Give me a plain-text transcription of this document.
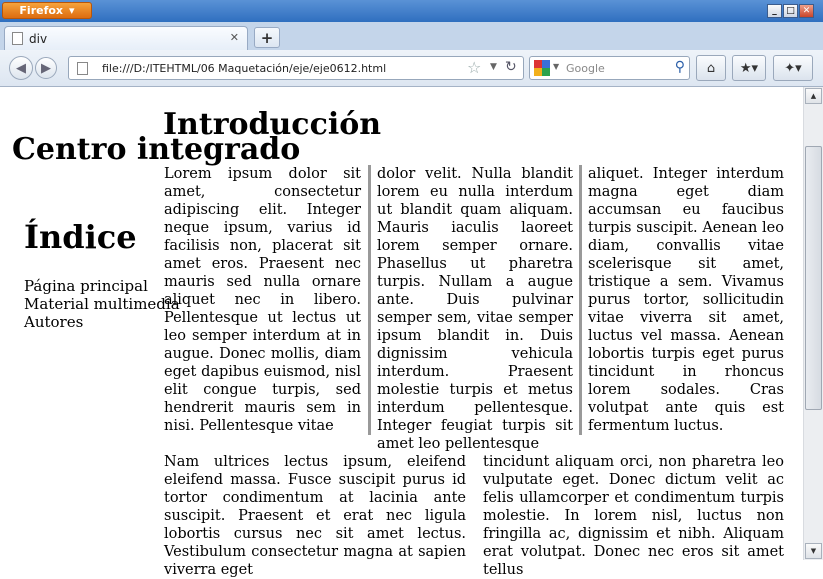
Firefox ▾	_	□ ✕
div	✕	+
◀	▶	file:///D:/ITEHTML/06 Maquetación/eje/eje0612.html	☆ ▼ ↻	▼ Google	⚲	⌂	★▾	✦▾
Introducción
Centro integrado
Índice
Página principal
Material multimedia
Autores

Lorem ipsum dolor sit amet, consectetur adipiscing elit. Integer neque ipsum, varius id facilisis non, placerat sit amet eros. Praesent nec mauris sed nulla ornare aliquet nec in libero. Pellentesque ut lectus ut leo semper interdum at in augue. Donec mollis, diam eget dapibus euismod, nisl elit congue turpis, sed hendrerit mauris sem in nisi. Pellentesque vitae

dolor velit. Nulla blandit lorem eu nulla interdum ut blandit quam aliquam. Mauris iaculis laoreet lorem semper ornare. Phasellus ut pharetra turpis. Nullam a augue ante. Duis pulvinar semper sem, vitae semper ipsum blandit in. Duis dignissim vehicula interdum. Praesent molestie turpis et metus interdum pellentesque. Integer feugiat turpis sit amet leo pellentesque

aliquet. Integer interdum magna eget diam accumsan eu faucibus turpis suscipit. Aenean leo diam, convallis vitae scelerisque sit amet, tristique a sem. Vivamus purus tortor, sollicitudin vitae viverra sit amet, luctus vel massa. Aenean lobortis turpis eget purus tincidunt in rhoncus lorem sodales. Cras volutpat ante quis est fermentum luctus.

Nam ultrices lectus ipsum, eleifend eleifend massa. Fusce suscipit purus id tortor condimentum at lacinia ante suscipit. Praesent et erat nec ligula lobortis cursus nec sit amet lectus. Vestibulum consectetur magna at sapien viverra eget

tincidunt aliquam orci, non pharetra leo vulputate eget. Donec dictum velit ac felis ullamcorper et condimentum turpis molestie. In lorem nisl, luctus non fringilla ac, dignissim et nibh. Aliquam erat volutpat. Donec nec eros sit amet tellus

▲
▼
